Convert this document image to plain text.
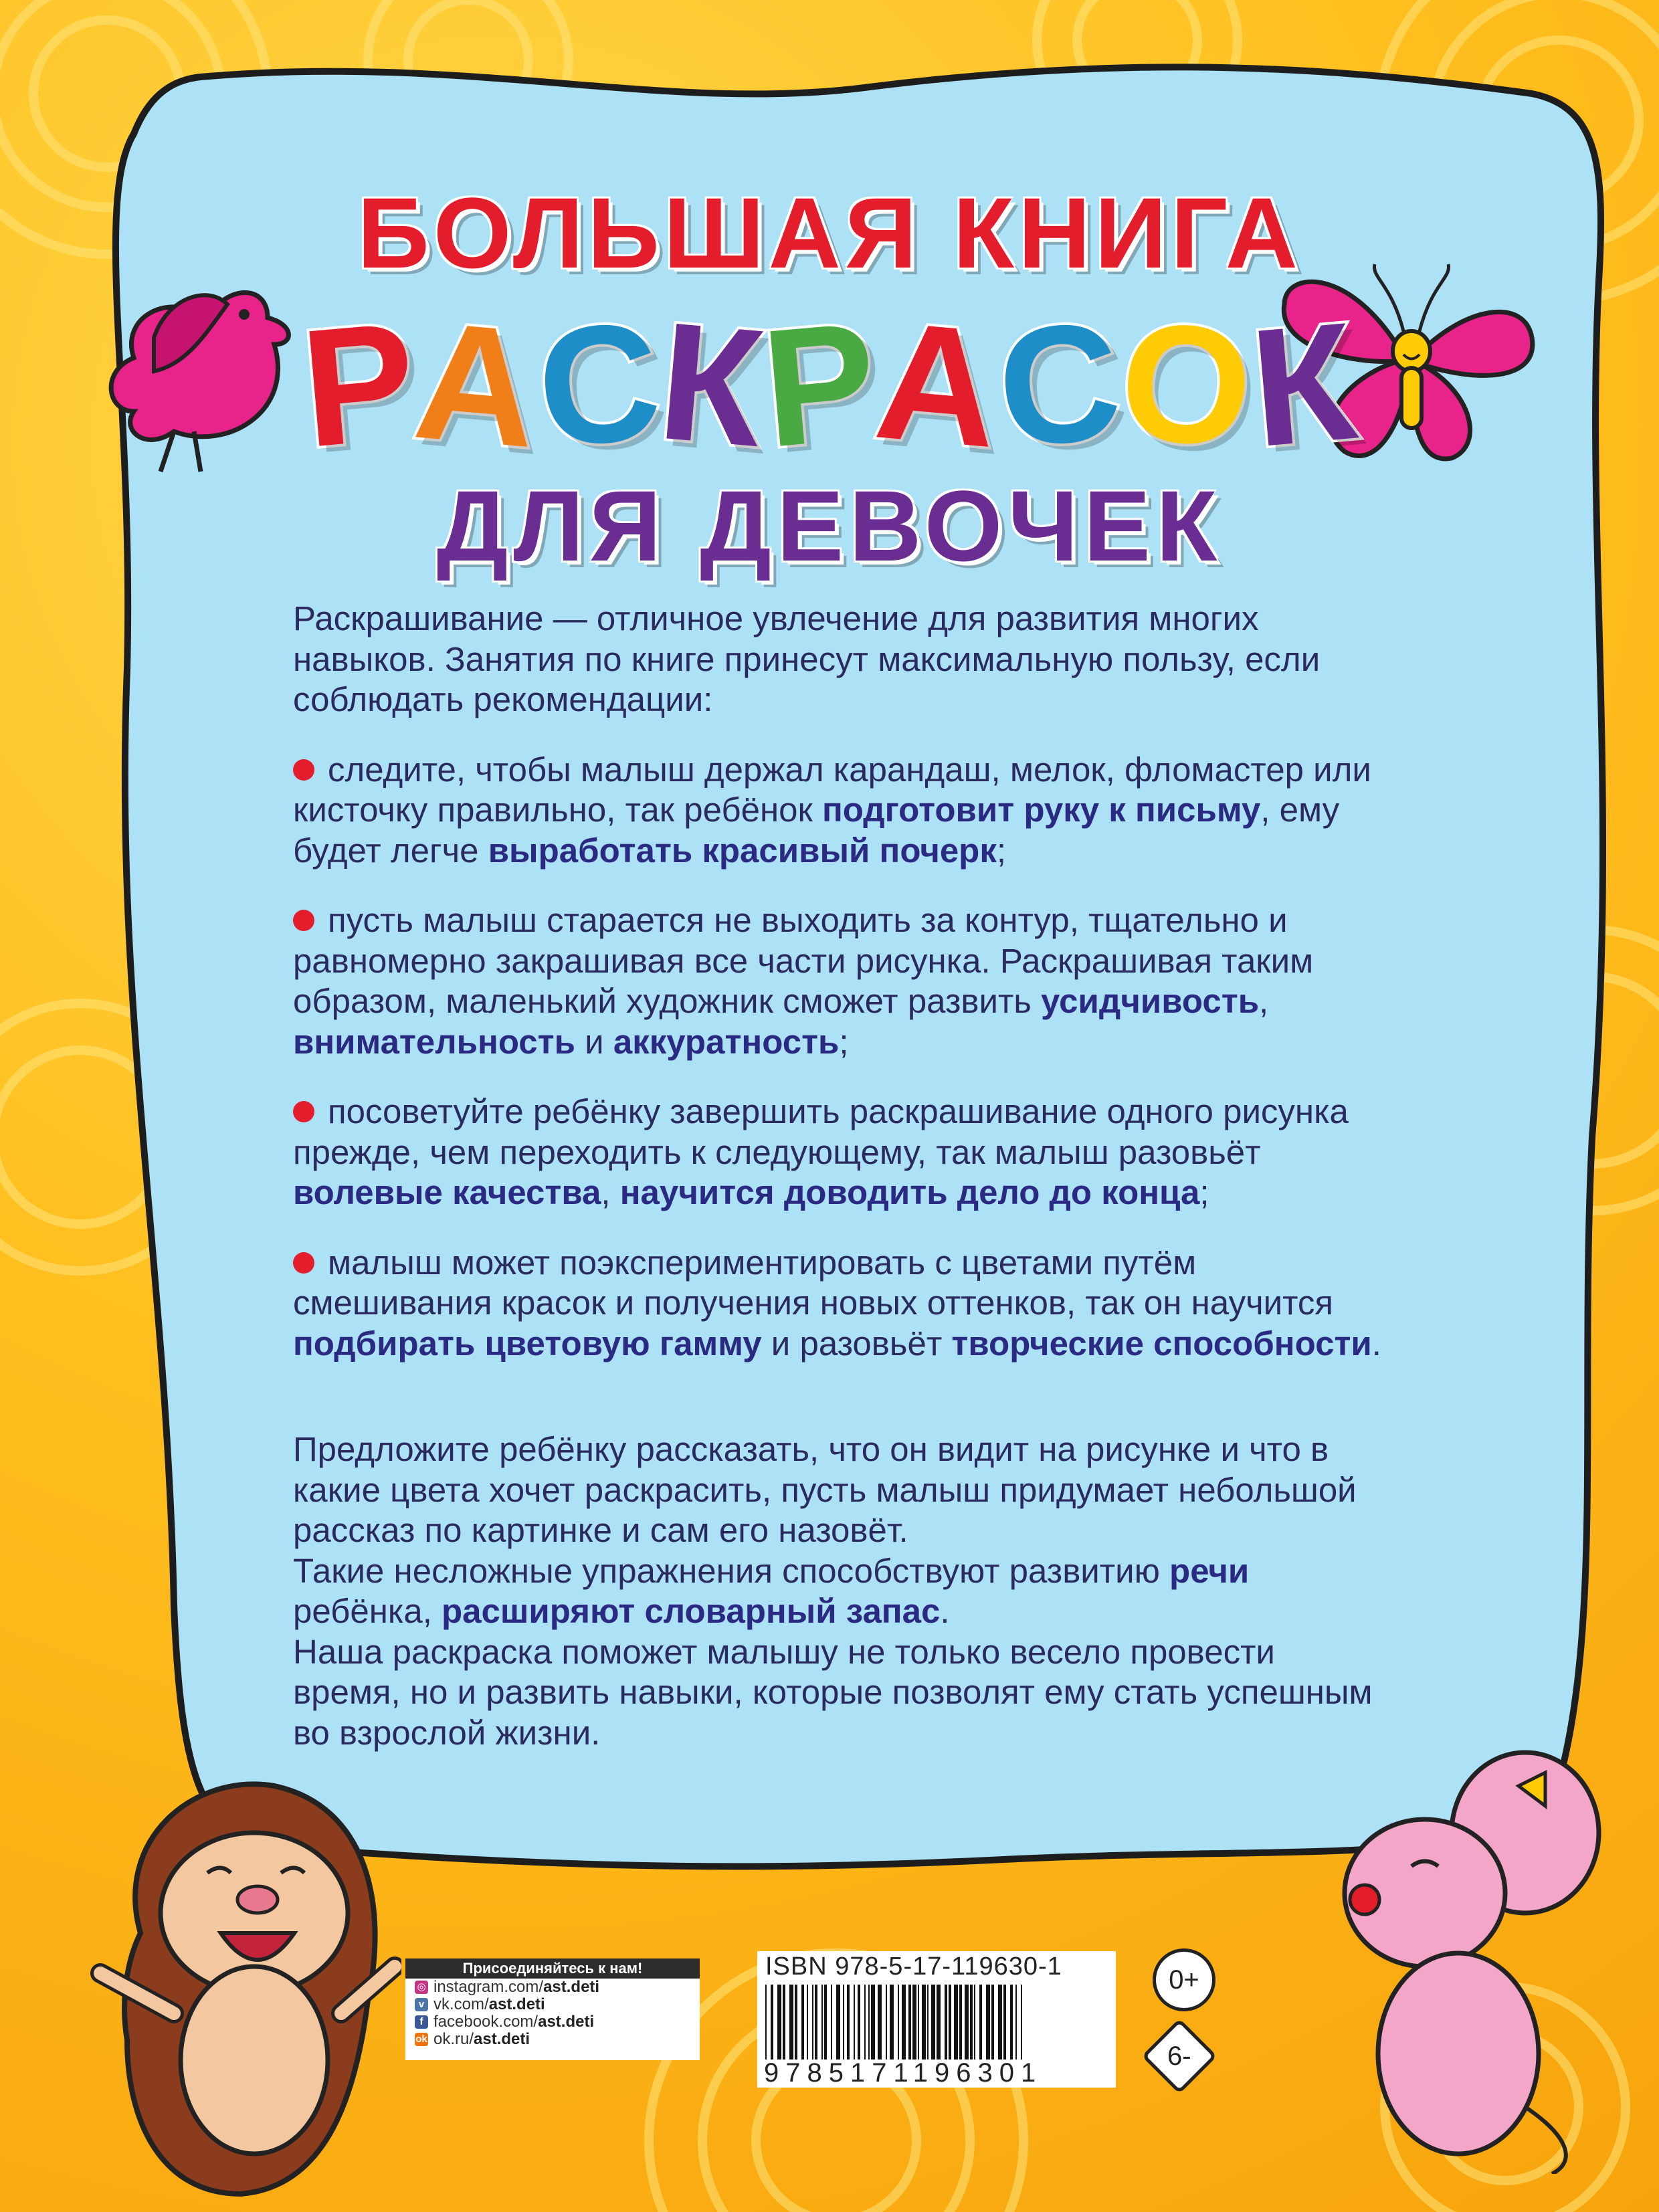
БОЛЬШАЯ КНИГА
РАСКРАСОК
ДЛЯ ДЕВОЧЕК

Раскрашивание — отличное увлечение для развития многих навыков. Занятия по книге принесут максимальную пользу, если соблюдать рекомендации:

следите, чтобы малыш держал карандаш, мелок, фломастер или кисточку правильно, так ребёнок подготовит руку к письму, ему будет легче выработать красивый почерк;

пусть малыш старается не выходить за контур, тщательно и равномерно закрашивая все части рисунка. Раскрашивая таким образом, маленький художник сможет развить усидчивость, внимательность и аккуратность;

посоветуйте ребёнку завершить раскрашивание одного рисунка прежде, чем переходить к следующему, так малыш разовьёт волевые качества, научится доводить дело до конца;

малыш может поэкспериментировать с цветами путём смешивания красок и получения новых оттенков, так он научится подбирать цветовую гамму и разовьёт творческие способности.

Предложите ребёнку рассказать, что он видит на рисунке и что в какие цвета хочет раскрасить, пусть малыш придумает небольшой рассказ по картинке и сам его назовёт.

Такие несложные упражнения способствуют развитию речи ребёнка, расширяют словарный запас.

Наша раскраска поможет малышу не только весело провести время, но и развить навыки, которые позволят ему стать успешным во взрослой жизни.

Присоединяйтесь к нам!
◎ instagram.com/ ast.deti
v vk.com/ ast.deti
f facebook.com/ ast.deti
ok ok.ru/ ast.deti
ISBN 978-5-17-119630-1
9785171196301
0+
6-
